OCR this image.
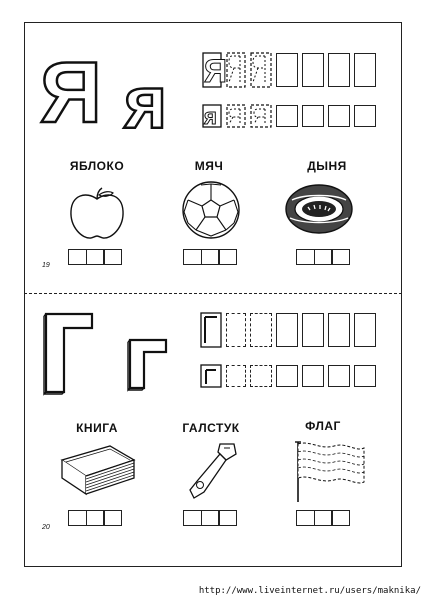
Я я Я
я
ЯБЛОКО	МЯЧ	ДЫНЯ
19
КНИГА	ГАЛСТУК	ФЛАГ
20
http://www.liveinternet.ru/users/maknika/
